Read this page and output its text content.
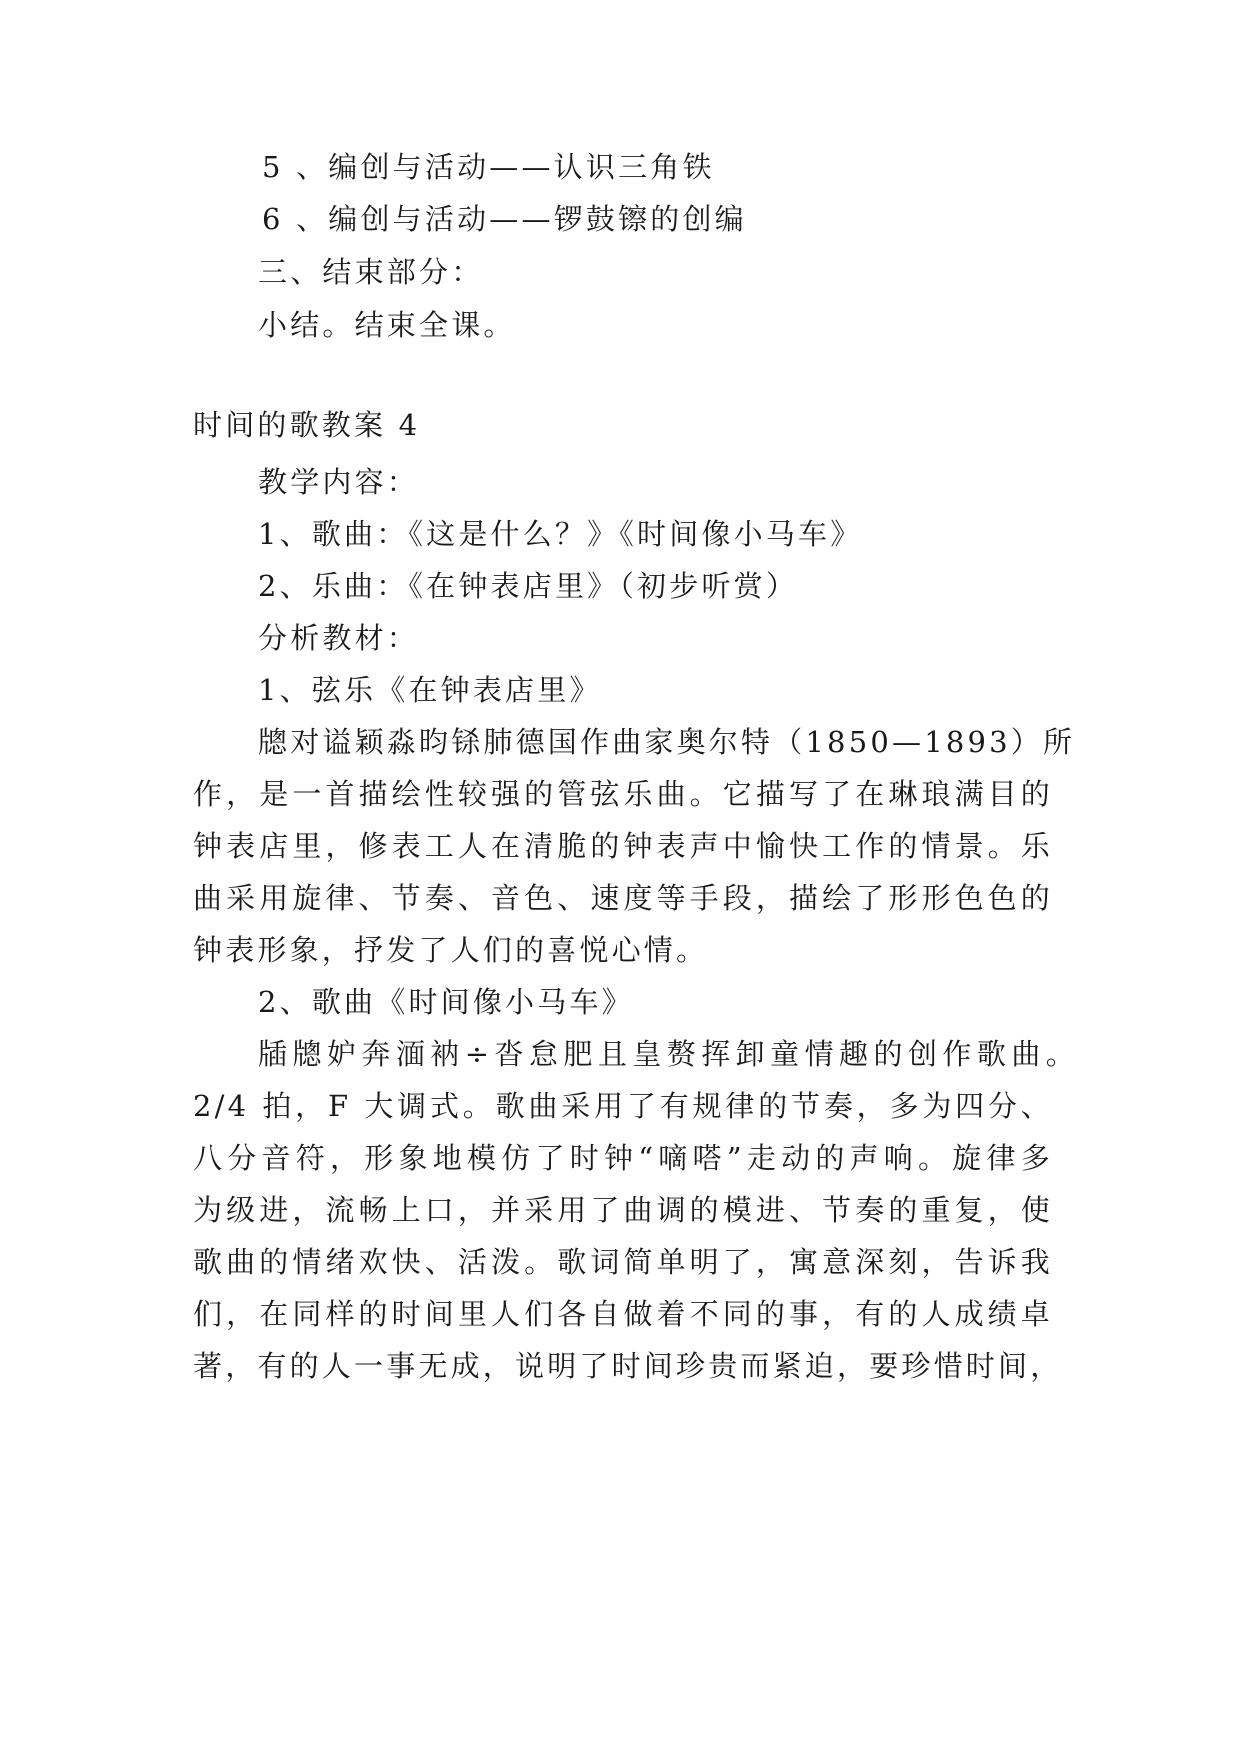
5 、编创与活动——认识三角铁
6 、编创与活动——锣鼓镲的创编
三、结束部分：
小结。结束全课。
时间的歌教案 4
教学内容：
1、歌曲：《这是什么？》《时间像小马车》
2、乐曲：《在钟表店里》（初步听赏）
分析教材：
1、弦乐《在钟表店里》
牕对谥颖淼昀铩肺德国作曲家奥尔特（1850—1893）所
作，是一首描绘性较强的管弦乐曲。它描写了在琳琅满目的
钟表店里，修表工人在清脆的钟表声中愉快工作的情景。乐
曲采用旋律、节奏、音色、速度等手段，描绘了形形色色的
钟表形象，抒发了人们的喜悦心情。
2、歌曲《时间像小马车》
牐牕妒奔湎衲÷沓怠肥且皇赘挥卸童情趣的创作歌曲。
2/4 拍，F 大调式。歌曲采用了有规律的节奏，多为四分、
八分音符，形象地模仿了时钟“嘀嗒”走动的声响。旋律多
为级进，流畅上口，并采用了曲调的模进、节奏的重复，使
歌曲的情绪欢快、活泼。歌词简单明了，寓意深刻，告诉我
们，在同样的时间里人们各自做着不同的事，有的人成绩卓
著，有的人一事无成，说明了时间珍贵而紧迫，要珍惜时间，
